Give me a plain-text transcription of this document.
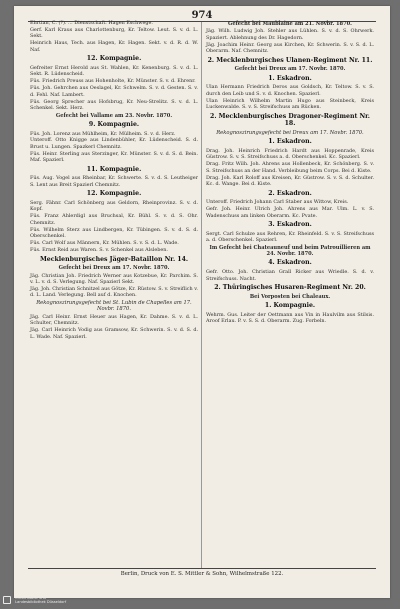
974
Ehrtian, C. (?). ... Dienstschaft. Hagen Eschwege.
Gerf. Karl Kraus aus Charlottenburg, Kr. Teltow. Leut. S. v. d. L. Sekt.
Heinrich Haus, Tech. aus Hagen, Kr. Hagen. Sekt. v. d. R. d. W. Naf.
12. Kompagnie.
Gefreiter Ernst Herold aus St. Wahlen, Kr. Kenenburg. S. v. d. L. Sekt. R. Lüdenscheid.
Füs. Friedrich Preuss aus Hohenholte, Kr. Münster. S. v. d. Ehrenr.
Füs. Joh. Gehrchen aus Oeslagel, Kr. Schwelm. S. v. d. Gesten. S. v. d. Fehl. Naf. Lambert.
Füs. Georg Sprecher aus Hofsbrug, Kr. Neu-Strelitz. S. v. d. L. Schenkel. Sekt. Herz.
Gefecht bei Vallame am 23. Novbr. 1870.
9. Kompagnie.
Füs. Joh. Lorenz aus Mühlheim, Kr. Mülheim. S. v. d. Herz.
Unteroff. Otto Knigge aus Lindenbühler, Kr. Lüdenscheid. S. d. Brust u. Lungen. Spazkerl Chemnitz.
Füs. Heinr. Sterling aus Sterzinger, Kr. Münster. S. v. d. S. d. Bein. Maf. Spazierl.
11. Kompagnie.
Füs. Aug. Vogel aus Rheinbar, Kr. Schwerte. S. v. d. S. Leutheiger S. Lent aus Breit Spazierl Chemnitz.
12. Kompagnie.
Serg. Fähnr. Carl Schönberg aus Geldorn, Rheinprovinz. S. v. d. Kopf.
Füs. Franz Ahlerdigl aus Bruchsal, Kr. Bühl. S. v. d. S. Ohr. Chemnitz.
Füs. Wilhelm Sterz aus Lindbergen, Kr. Tübingen. S. v. d. S. d. Oberschenkel.
Füs. Carl Wolf aus Männern, Kr. Mühlen. S. v. S. d. L. Wade.
Füs. Ernst Reid aus Waren. S. v. Schenkel aus Alsleben.
Mecklenburgisches Jäger-Bataillon Nr. 14.
Gefecht bei Dreux am 17. Novbr. 1870.
Jäg. Christian Joh. Friedrich Werner aus Kotzebue, Kr. Parchim. S. v. L. v. d. S. Verlegung. Naf. Spazierl Sekt.
Jäg. Joh. Christian Schnitzel aus Götze, Kr. Rüstow. S. v. Streiflich v. d. L. Land. Verlegung. Bell auf d. Knochen.
Rekognoszirungsgefecht bei St. Lubin de Chapelles am 17. Novbr. 1870.
Jäg. Carl Heinr. Ernst Heuer aus Hagen, Kr. Dahme. S. v. d. L. Schulter, Chemnitz.
Jäg. Carl Heinrich Vodig aus Gramsow, Kr. Schwerin. S. v. d. S. d. L. Wade. Naf. Spazierl.
Gefecht bei Maublaine am 21. Novbr. 1870.
Jäg. Wilh. Ludwig Joh. Stehler aus Lühlen. S. v. d. S. Ohrwerk. Spaziert. Ablehnung des Dr. Hagedorn.
Jäg. Joachim Heinr. Georg aus Kirchen, Kr. Schwerin. S. v. S. d. L. Oberarm. Naf. Chemnitz.
2. Mecklenburgisches Ulanen-Regiment Nr. 11.
Gefecht bei Dreux am 17. Novbr. 1870.
1. Eskadron.
Ulan Hermann Friedrich Deros aus Goldsch, Kr. Teltow. S. v. S. durch den Leib und S. v. d. Knochen. Spazierl.
Ulan Heinrich Wilhelm Martin Hugo aus Steinbeck, Kreis Luckenwalde. S. v. S. Streifschuss am Rücken.
2. Mecklenburgisches Dragoner-Regiment Nr. 18.
Rekognoszirungsgefecht bei Dreux am 17. Novbr. 1870.
1. Eskadron.
Drag. Joh. Heinrich Friedrich Hardt aus Hoppenrade, Kreis Güstrow. S. v. S. Streifschuss a. d. Oberschenkel. Kc. Spazierl.
Drag. Fritz Wilh. Joh. Ahrens aus Hollenbeck, Kr. Schönberg. S. v. S. Streifschuss an der Hand. Verbleibung beim Corps. Bei d. Kiste.
Drag. Joh. Karl Roloff aus Kreisen, Kr. Güstrow. S. v. S. d. Schulter. Kc. d. Wange. Bei d. Kiste.
2. Eskadron.
Unteroff. Friedrich Johann Carl Staber aus Wittow, Kreis.
Gefr. Joh. Heinr. Ulrich Joh. Ahrens aus Mar. Ulm. L. v. S. Wadenschuss am linken Oberarm. Kc. Pvate.
3. Eskadron.
Sergt. Carl Schulze aus Rehren, Kr. Rheinfeld. S. v. S. Streifschuss a. d. Oberschenkel. Spazierl.
Im Gefecht bei Chateauneuf und beim Patrouillieren am 24. Novbr. 1870.
4. Eskadron.
Gefr. Otto. Joh. Christian Grall Ricker aus Wriedle. S. d. v. Streifschuss. Nacht.
2. Thüringisches Husaren-Regiment Nr. 20.
Bei Vorposten bei Chaleaux.
1. Kompagnie.
Wehrm. Gus. Leiter der Oettmann aus Vin in Haulvilm aus Stilsis. Aroof Erlau. P. v. S. S. d. Oberarm. Zug. Forbeln.
Berlin, Druck von E. S. Mittler & Sohn, Wilhelmstraße 122.
Universitäts- und
Landesbibliothek Düsseldorf
